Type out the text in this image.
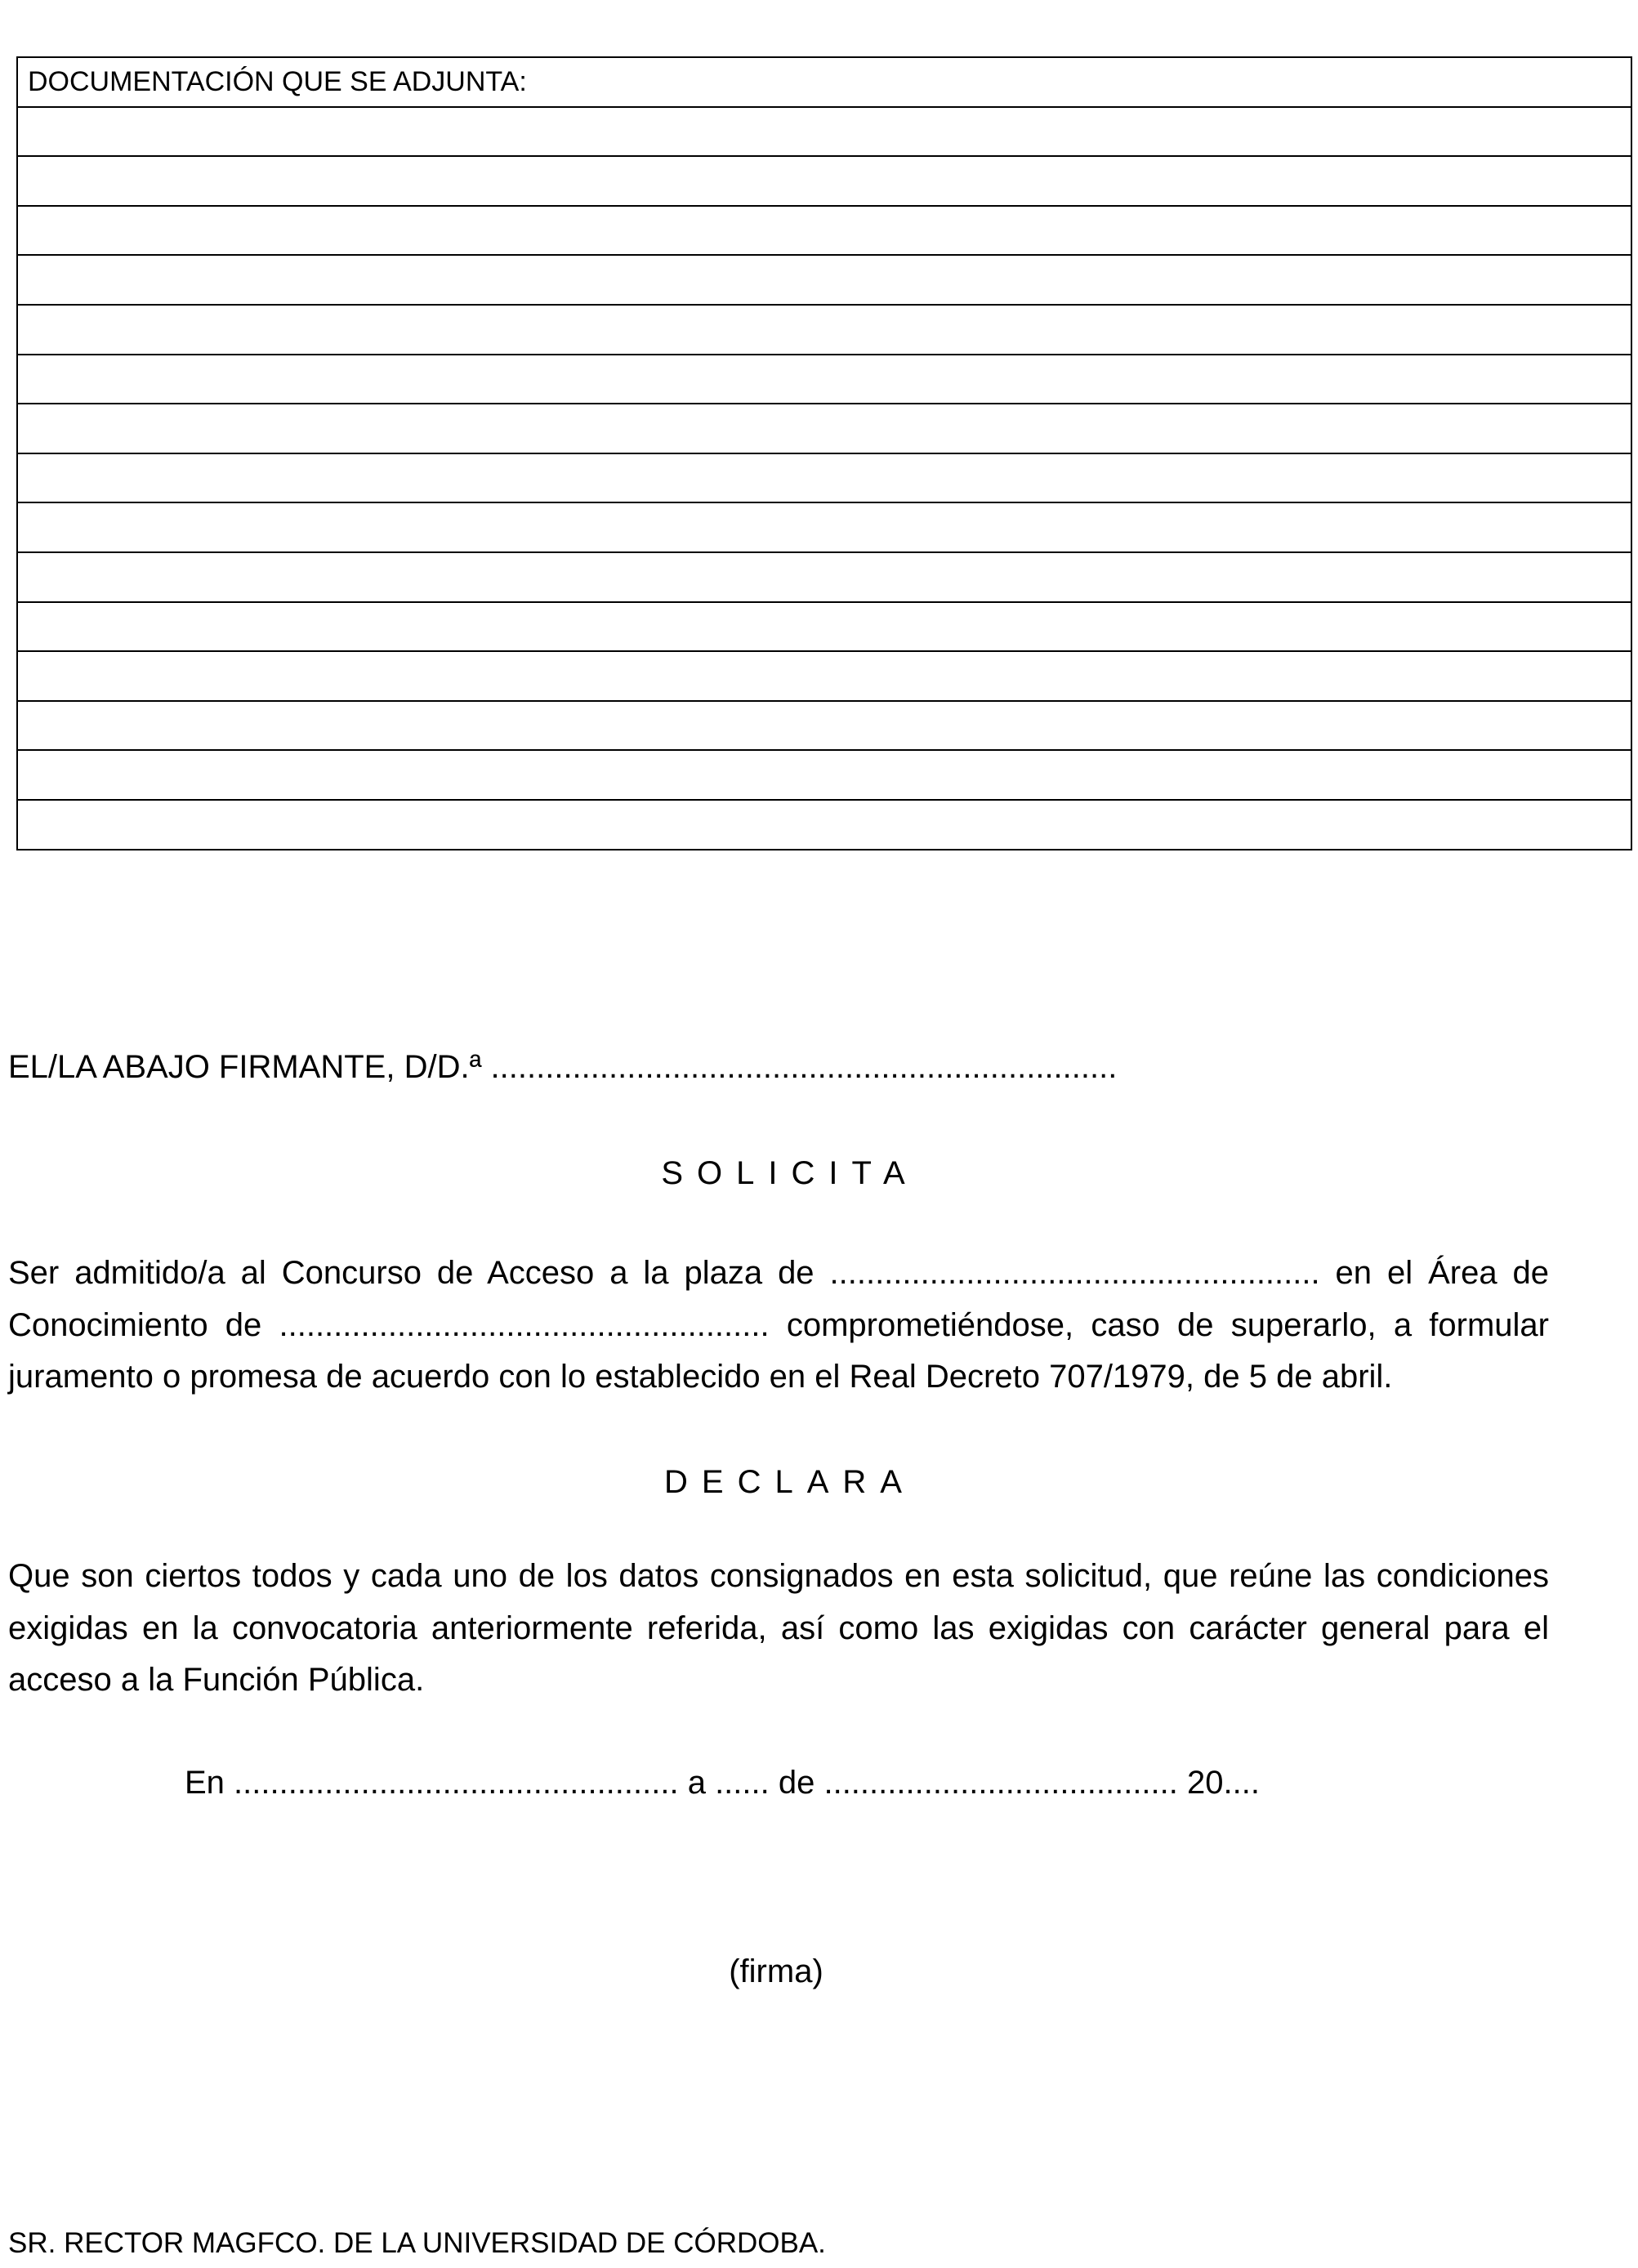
DOCUMENTACIÓN QUE SE ADJUNTA:

EL/LA ABAJO FIRMANTE, D/D.ª .....................................................................
SOLICITA
Ser admitido/a al Concurso de Acceso a la plaza de ...................................................... en el Área de Conocimiento de ...................................................... comprometiéndose, caso de superarlo, a formular juramento o promesa de acuerdo con lo establecido en el Real Decreto 707/1979, de 5 de abril.
DECLARA
Que son ciertos todos y cada uno de los datos consignados en esta solicitud, que reúne las condiciones exigidas en la convocatoria anteriormente referida, así como las exigidas con carácter general para el acceso a la Función Pública.
En ................................................. a ...... de ....................................... 20....
(firma)
SR. RECTOR MAGFCO. DE LA UNIVERSIDAD DE CÓRDOBA.
